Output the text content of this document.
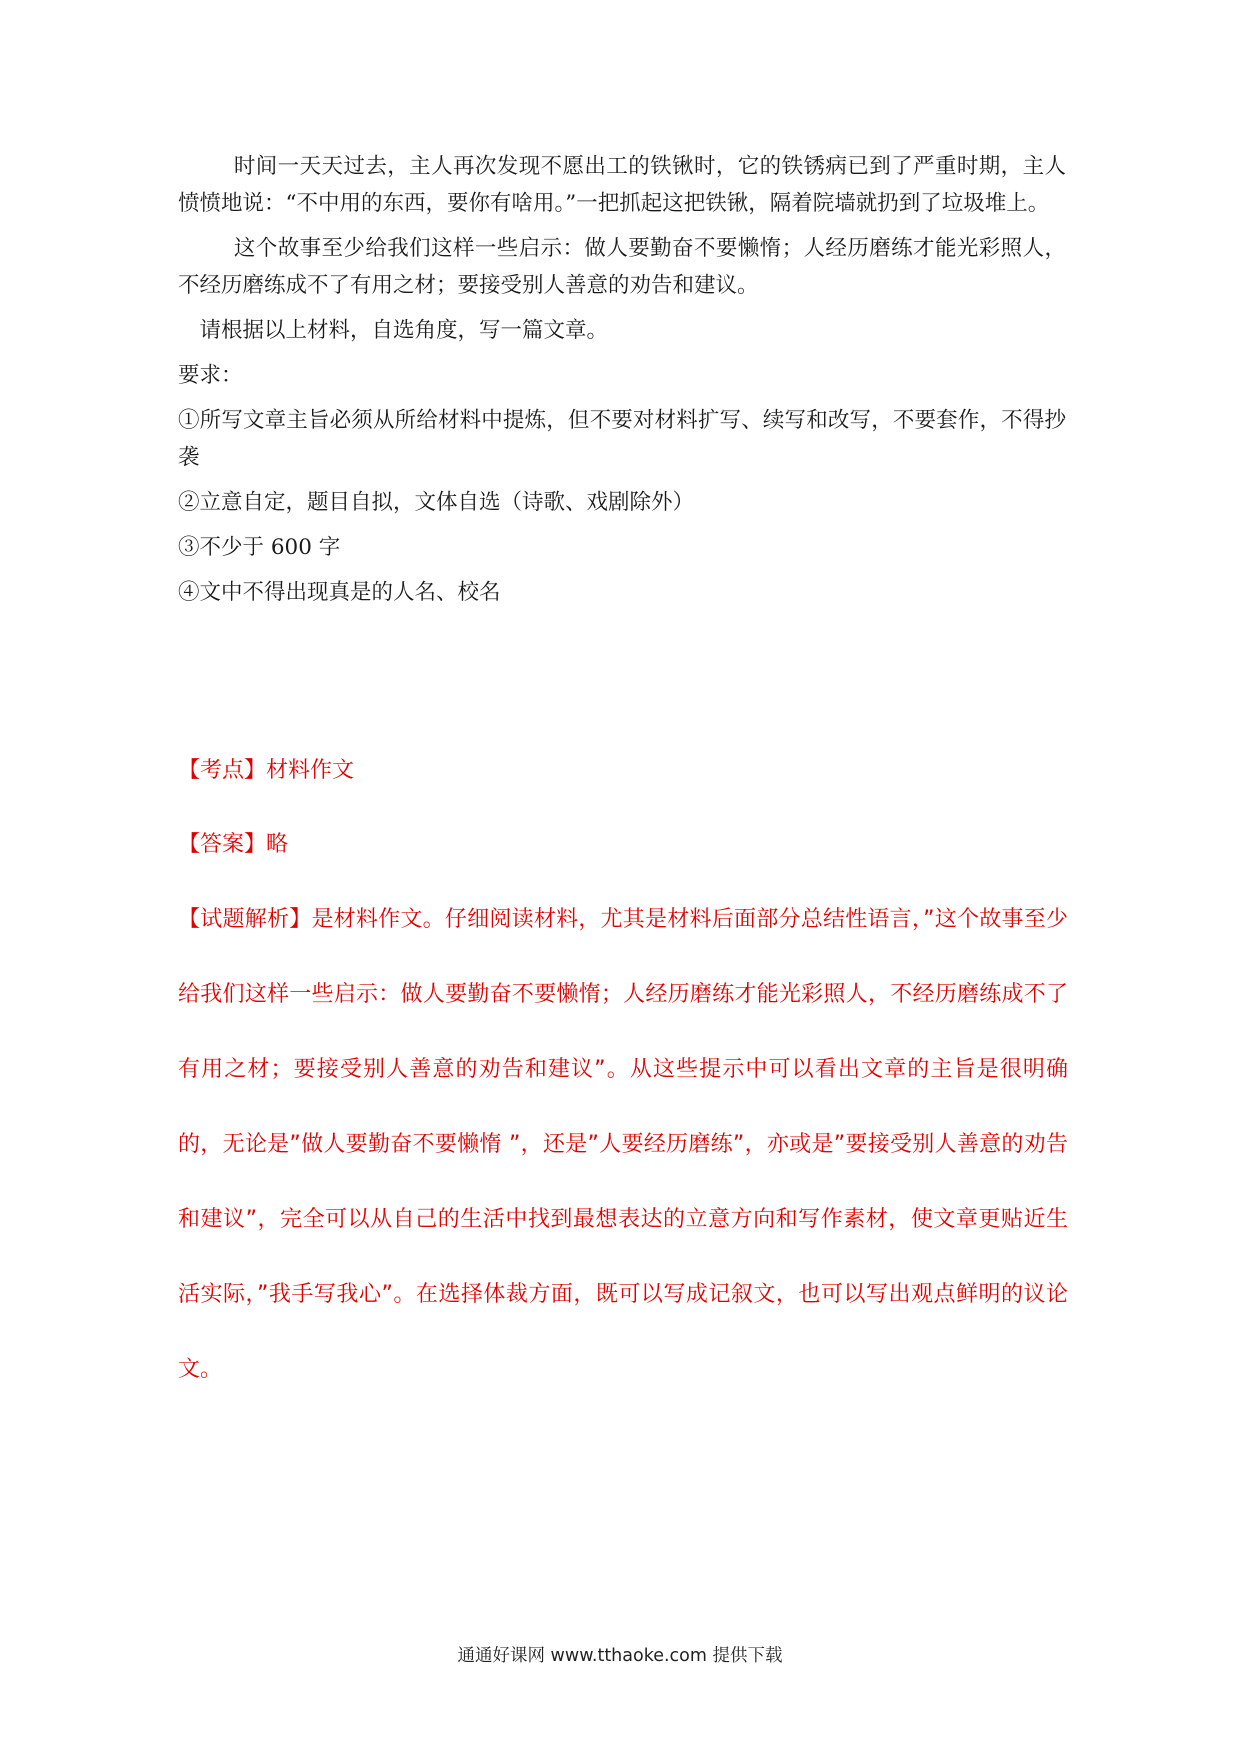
时间一天天过去，主人再次发现不愿出工的铁锹时，它的铁锈病已到了严重时期，主人愤愤地说：“不中用的东西，要你有啥用。”一把抓起这把铁锹，隔着院墙就扔到了垃圾堆上。

这个故事至少给我们这样一些启示：做人要勤奋不要懒惰；人经历磨练才能光彩照人，不经历磨练成不了有用之材；要接受别人善意的劝告和建议。

请根据以上材料，自选角度，写一篇文章。

要求：

①所写文章主旨必须从所给材料中提炼，但不要对材料扩写、续写和改写，不要套作，不得抄袭

②立意自定，题目自拟，文体自选（诗歌、戏剧除外）

③不少于 600 字

④文中不得出现真是的人名、校名

【考点】材料作文

【答案】略

【试题解析】是材料作文。仔细阅读材料，尤其是材料后面部分总结性语言，”这个故事至少给我们这样一些启示：做人要勤奋不要懒惰；人经历磨练才能光彩照人，不经历磨练成不了有用之材；要接受别人善意的劝告和建议”。从这些提示中可以看出文章的主旨是很明确的，无论是”做人要勤奋不要懒惰 ”，还是”人要经历磨练”，亦或是”要接受别人善意的劝告和建议”，完全可以从自己的生活中找到最想表达的立意方向和写作素材，使文章更贴近生活实际，”我手写我心”。在选择体裁方面，既可以写成记叙文，也可以写出观点鲜明的议论文。

通通好课网 www.tthaoke.com 提供下载
